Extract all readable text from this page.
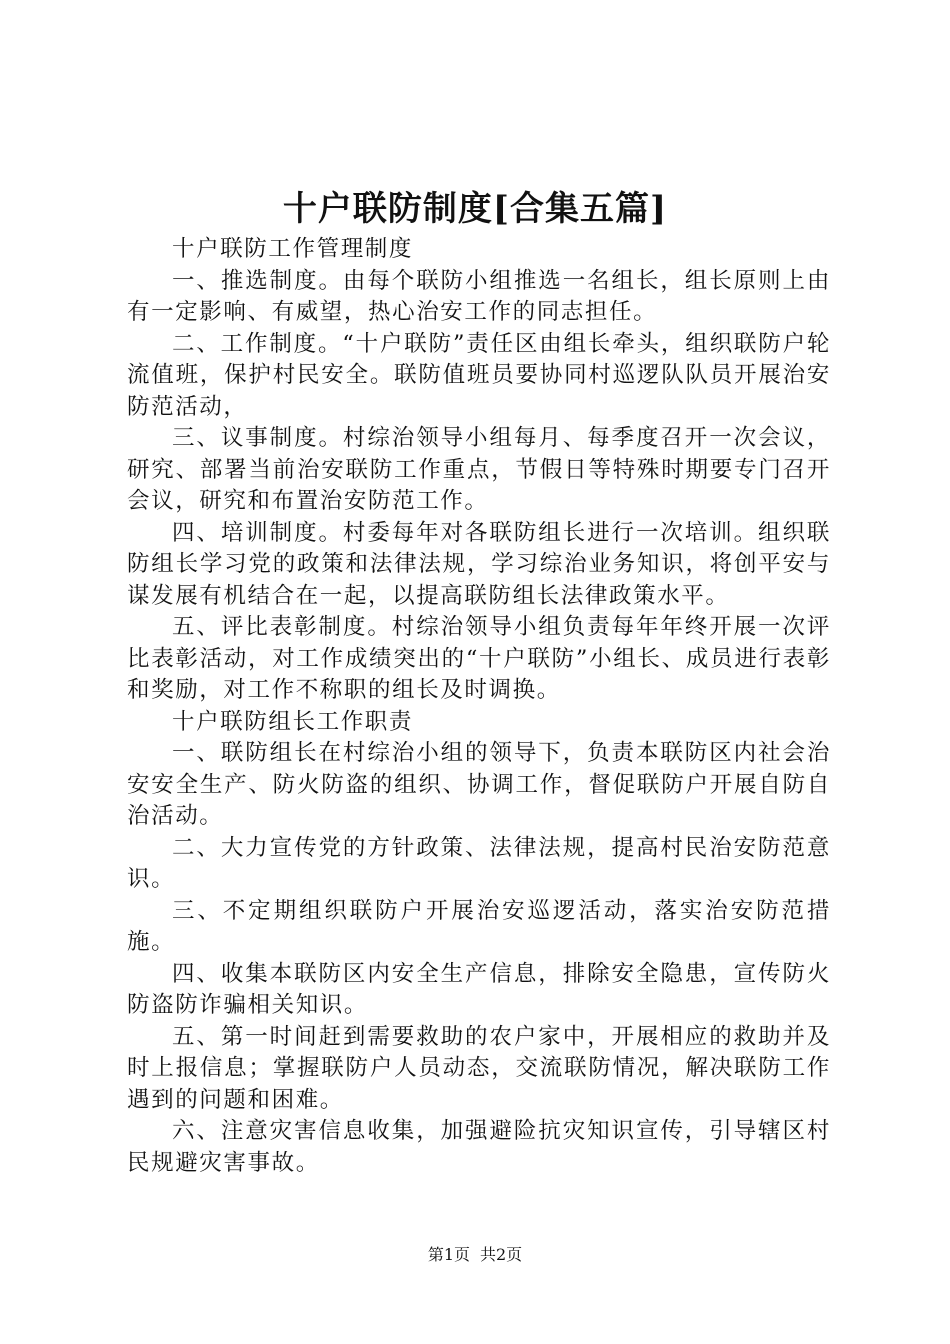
十户联防制度[合集五篇]

十户联防工作管理制度

一、推选制度。由每个联防小组推选一名组长，组长原则上由有一定影响、有威望，热心治安工作的同志担任。

二、工作制度。“十户联防”责任区由组长牵头，组织联防户轮流值班，保护村民安全。联防值班员要协同村巡逻队队员开展治安防范活动，

三、议事制度。村综治领导小组每月、每季度召开一次会议，研究、部署当前治安联防工作重点，节假日等特殊时期要专门召开会议，研究和布置治安防范工作。

四、培训制度。村委每年对各联防组长进行一次培训。组织联防组长学习党的政策和法律法规，学习综治业务知识，将创平安与谋发展有机结合在一起，以提高联防组长法律政策水平。

五、评比表彰制度。村综治领导小组负责每年年终开展一次评比表彰活动，对工作成绩突出的“十户联防”小组长、成员进行表彰和奖励，对工作不称职的组长及时调换。

十户联防组长工作职责

一、联防组长在村综治小组的领导下，负责本联防区内社会治安安全生产、防火防盗的组织、协调工作，督促联防户开展自防自治活动。

二、大力宣传党的方针政策、法律法规，提高村民治安防范意识。

三、不定期组织联防户开展治安巡逻活动，落实治安防范措施。

四、收集本联防区内安全生产信息，排除安全隐患，宣传防火防盗防诈骗相关知识。

五、第一时间赶到需要救助的农户家中，开展相应的救助并及时上报信息；掌握联防户人员动态，交流联防情况，解决联防工作遇到的问题和困难。

六、注意灾害信息收集，加强避险抗灾知识宣传，引导辖区村民规避灾害事故。

第1页 共2页
